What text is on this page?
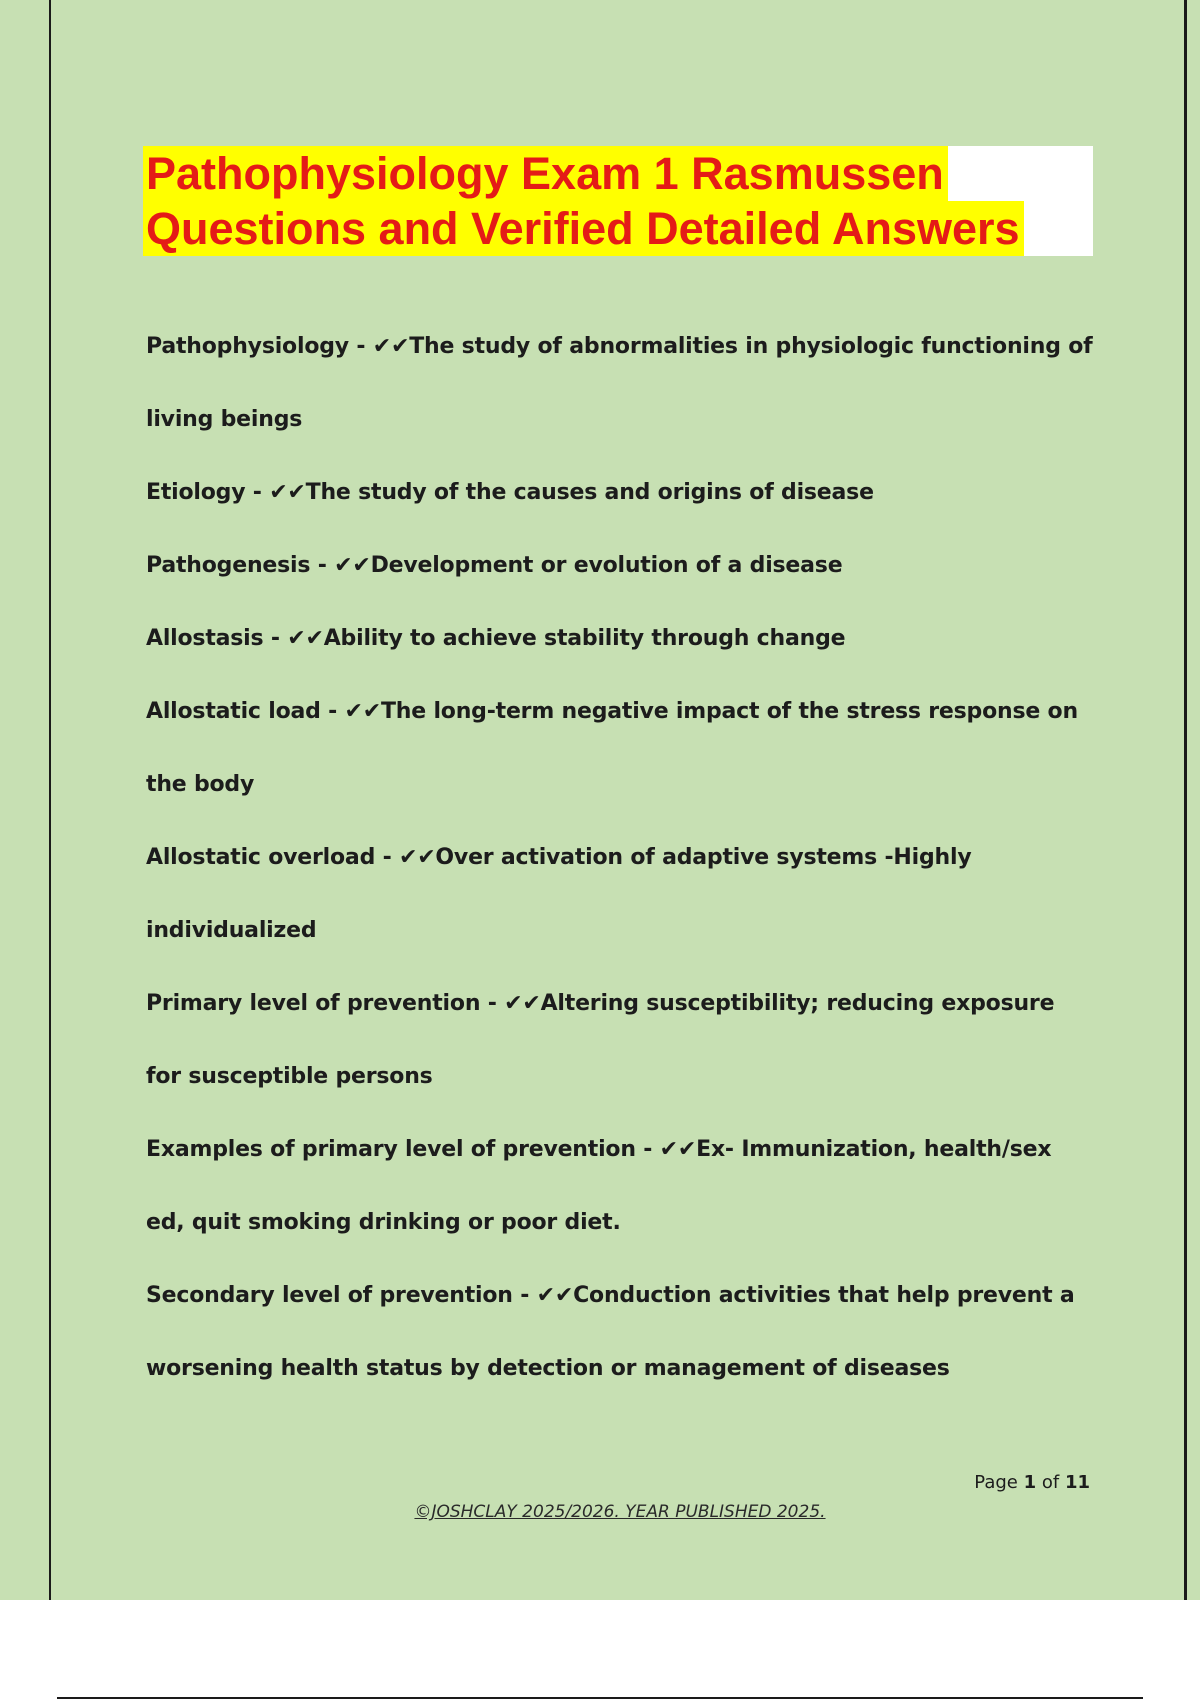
Pathophysiology Exam 1 Rasmussen
Questions and Verified Detailed Answers

Pathophysiology - ✔✔The study of abnormalities in physiologic functioning of living beings

Etiology - ✔✔The study of the causes and origins of disease

Pathogenesis - ✔✔Development or evolution of a disease

Allostasis - ✔✔Ability to achieve stability through change

Allostatic load - ✔✔The long-term negative impact of the stress response on the body

Allostatic overload - ✔✔Over activation of adaptive systems -Highly individualized

Primary level of prevention - ✔✔Altering susceptibility; reducing exposure for susceptible persons

Examples of primary level of prevention - ✔✔Ex- Immunization, health/sex ed, quit smoking drinking or poor diet.

Secondary level of prevention - ✔✔Conduction activities that help prevent a worsening health status by detection or management of diseases

Page 1 of 11
©JOSHCLAY 2025/2026. YEAR PUBLISHED 2025.
